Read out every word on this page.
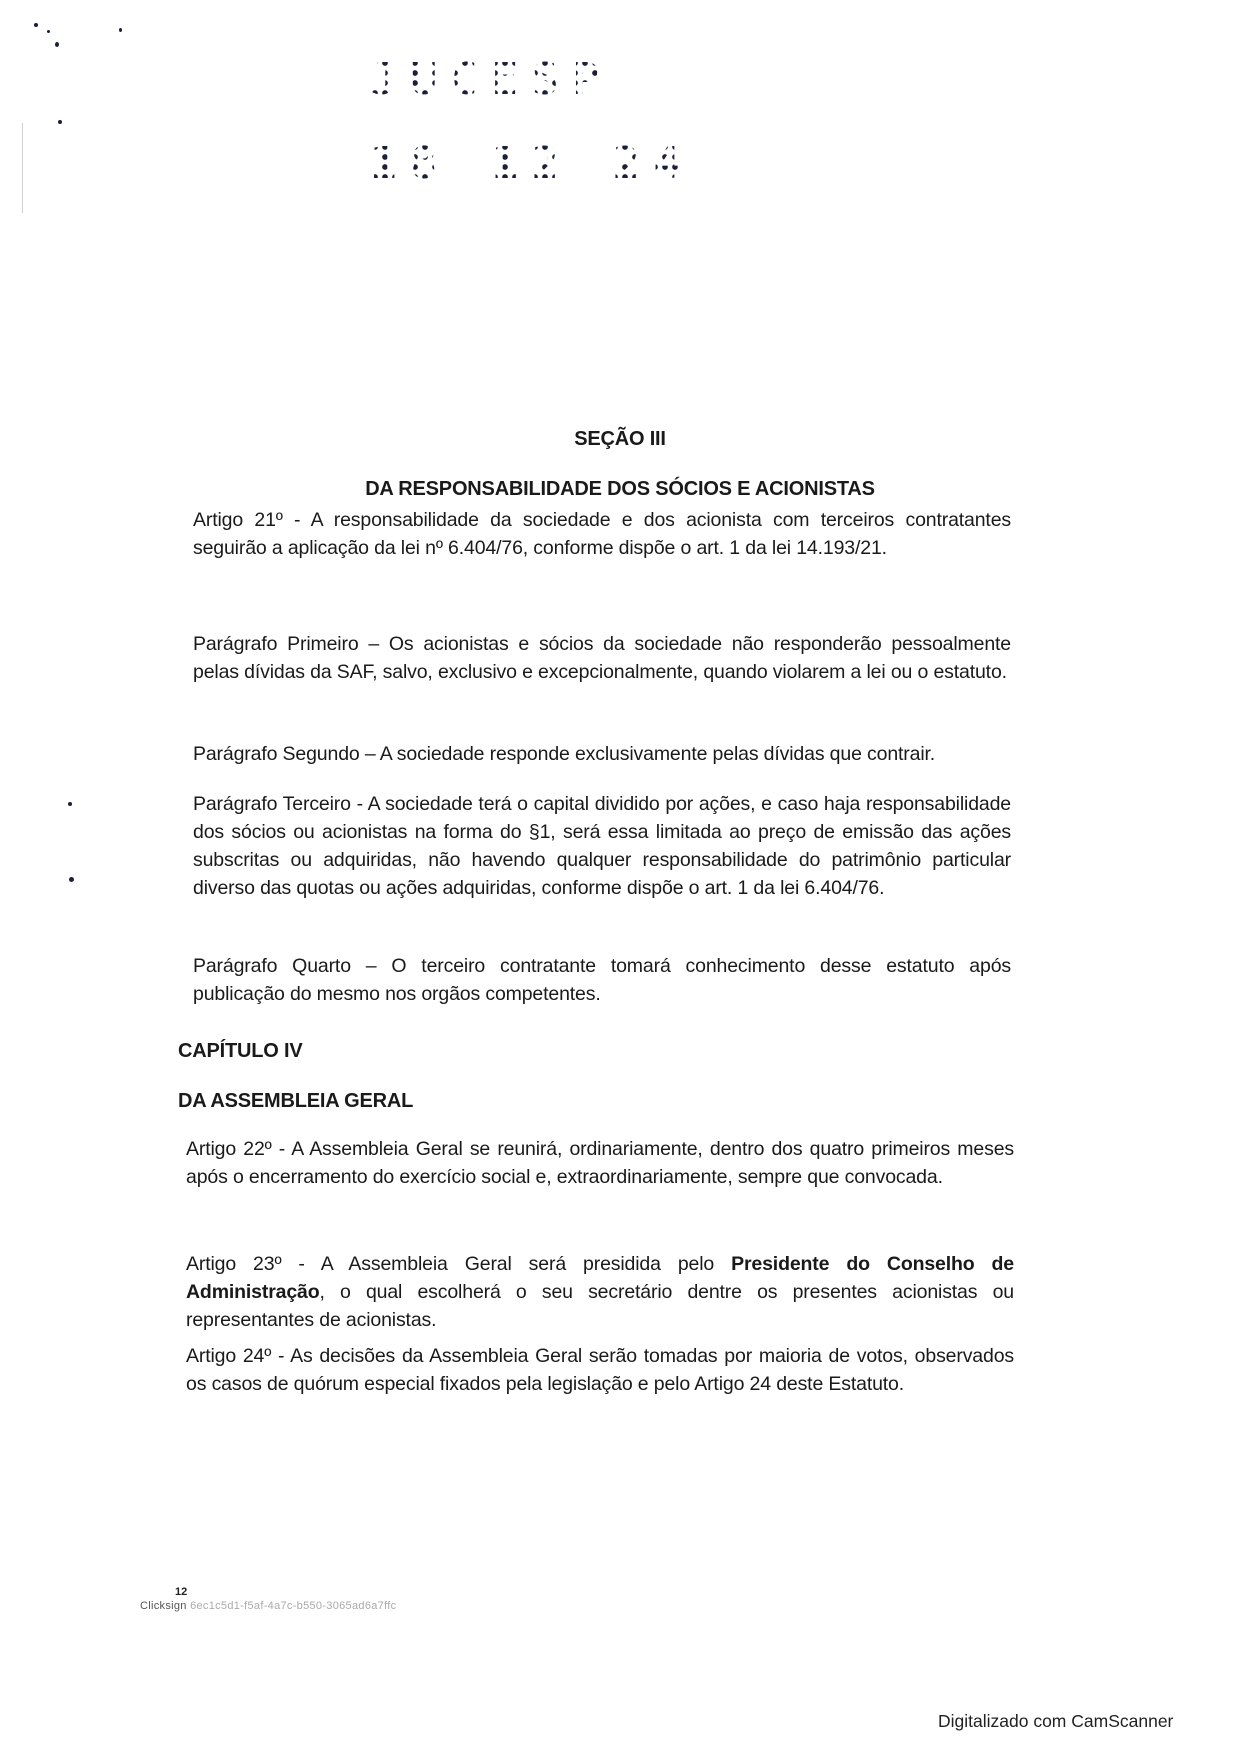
JUCESP
18 12 24
SEÇÃO III
DA RESPONSABILIDADE DOS SÓCIOS E ACIONISTAS

Artigo 21º - A responsabilidade da sociedade e dos acionista com terceiros contratantes seguirão a aplicação da lei nº 6.404/76, conforme dispõe o art. 1 da lei 14.193/21.

Parágrafo Primeiro – Os acionistas e sócios da sociedade não responderão pessoalmente pelas dívidas da SAF, salvo, exclusivo e excepcionalmente, quando violarem a lei ou o estatuto.

Parágrafo Segundo – A sociedade responde exclusivamente pelas dívidas que contrair.

Parágrafo Terceiro - A sociedade terá o capital dividido por ações, e caso haja responsabilidade dos sócios ou acionistas na forma do §1, será essa limitada ao preço de emissão das ações subscritas ou adquiridas, não havendo qualquer responsabilidade do patrimônio particular diverso das quotas ou ações adquiridas, conforme dispõe o art. 1 da lei 6.404/76.

Parágrafo Quarto – O terceiro contratante tomará conhecimento desse estatuto após publicação do mesmo nos orgãos competentes.

CAPÍTULO IV
DA ASSEMBLEIA GERAL

Artigo 22º - A Assembleia Geral se reunirá, ordinariamente, dentro dos quatro primeiros meses após o encerramento do exercício social e, extraordinariamente, sempre que convocada.

Artigo 23º - A Assembleia Geral será presidida pelo Presidente do Conselho de Administração, o qual escolherá o seu secretário dentre os presentes acionistas ou representantes de acionistas.

Artigo 24º - As decisões da Assembleia Geral serão tomadas por maioria de votos, observados os casos de quórum especial fixados pela legislação e pelo Artigo 24 deste Estatuto.

12
Clicksign 6ec1c5d1-f5af-4a7c-b550-3065ad6a7ffc
Digitalizado com CamScanner
